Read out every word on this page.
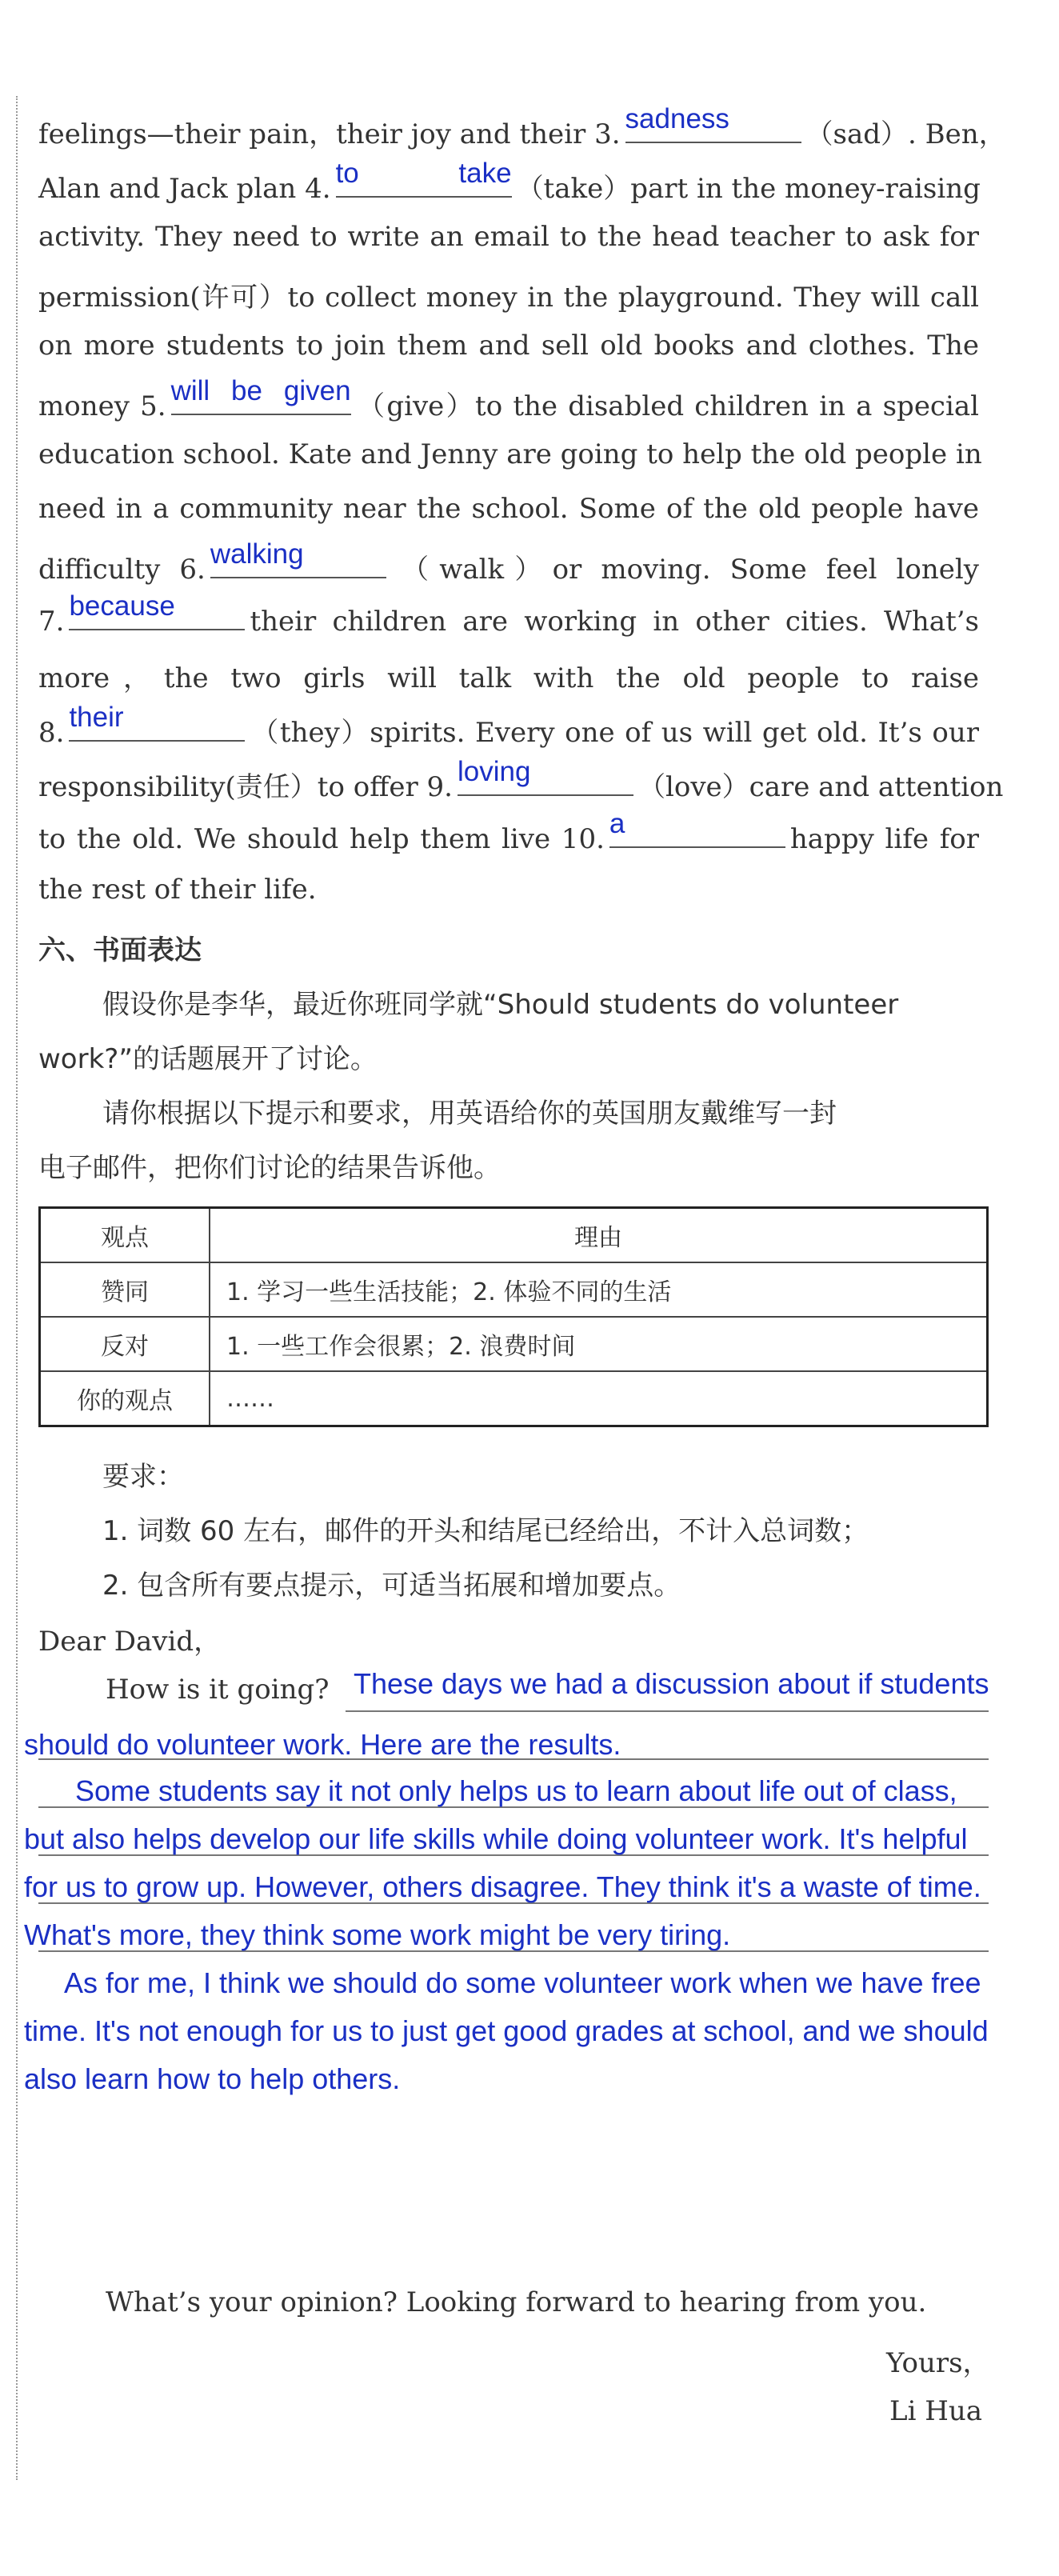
feelings—their pain，their joy and their 3. sadness	（sad）. Ben，
Alan and Jack plan 4. to take （take）part in the money-raising
activity. They need to write an email to the head teacher to ask for
permission(许可）to collect money in the playground. They will call
on more students to join them and sell old books and clothes. The
money 5. will be given （give）to the disabled children in a special
education school. Kate and Jenny are going to help the old people in
need in a community near the school. Some of the old people have
difficulty 6. walking	（walk）or moving. Some feel lonely
7. because	their children are working in other cities. What’s
more，the two girls will talk with the old people to raise
8. their	（they）spirits. Every one of us will get old. It’s our
responsibility(责任）to offer 9. loving	（love）care and attention
to the old. We should help them live 10. a	happy life for
the rest of their life.
六、书面表达
假设你是李华，最近你班同学就“Should students do volunteer
work?”的话题展开了讨论。
请你根据以下提示和要求，用英语给你的英国朋友戴维写一封
电子邮件，把你们讨论的结果告诉他。
观点	理由
赞同	1. 学习一些生活技能；2. 体验不同的生活
反对	1. 一些工作会很累；2. 浪费时间
你的观点	……
要求：
1. 词数 60 左右，邮件的开头和结尾已经给出，不计入总词数；
2. 包含所有要点提示，可适当拓展和增加要点。
Dear David，
How is it going? These days we had a discussion about if students
should do volunteer work. Here are the results.
Some students say it not only helps us to learn about life out of class,
but also helps develop our life skills while doing volunteer work. It's helpful
for us to grow up. However, others disagree. They think it's a waste of time.
What's more, they think some work might be very tiring.
As for me, I think we should do some volunteer work when we have free
time. It's not enough for us to just get good grades at school, and we should
also learn how to help others.
What’s your opinion? Looking forward to hearing from you.
Yours，
Li Hua
